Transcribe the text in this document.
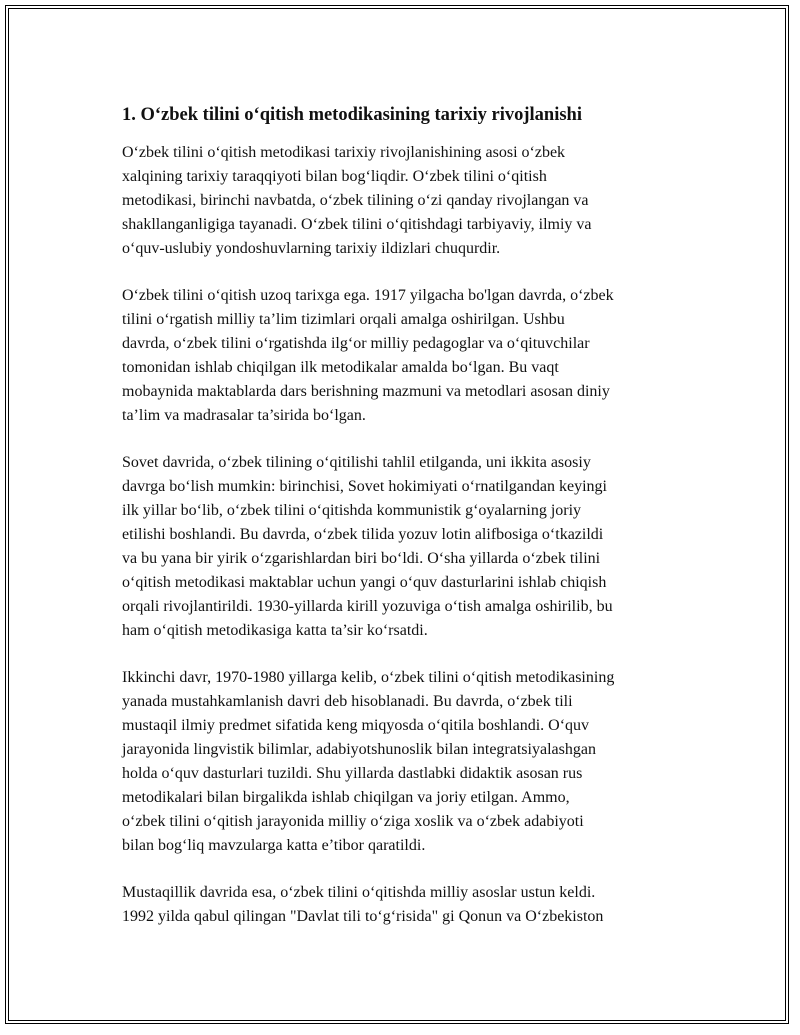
1. O‘zbek tilini o‘qitish metodikasining tarixiy rivojlanishi
O‘zbek tilini o‘qitish metodikasi tarixiy rivojlanishining asosi o‘zbek
xalqining tarixiy taraqqiyoti bilan bog‘liqdir. O‘zbek tilini o‘qitish
metodikasi, birinchi navbatda, o‘zbek tilining o‘zi qanday rivojlangan va
shakllanganligiga tayanadi. O‘zbek tilini o‘qitishdagi tarbiyaviy, ilmiy va
o‘quv-uslubiy yondoshuvlarning tarixiy ildizlari chuqurdir.
O‘zbek tilini o‘qitish uzoq tarixga ega. 1917 yilgacha bo'lgan davrda, o‘zbek
tilini o‘rgatish milliy ta’lim tizimlari orqali amalga oshirilgan. Ushbu
davrda, o‘zbek tilini o‘rgatishda ilg‘or milliy pedagoglar va o‘qituvchilar
tomonidan ishlab chiqilgan ilk metodikalar amalda bo‘lgan. Bu vaqt
mobaynida maktablarda dars berishning mazmuni va metodlari asosan diniy
ta’lim va madrasalar ta’sirida bo‘lgan.
Sovet davrida, o‘zbek tilining o‘qitilishi tahlil etilganda, uni ikkita asosiy
davrga bo‘lish mumkin: birinchisi, Sovet hokimiyati o‘rnatilgandan keyingi
ilk yillar bo‘lib, o‘zbek tilini o‘qitishda kommunistik g‘oyalarning joriy
etilishi boshlandi. Bu davrda, o‘zbek tilida yozuv lotin alifbosiga o‘tkazildi
va bu yana bir yirik o‘zgarishlardan biri bo‘ldi. O‘sha yillarda o‘zbek tilini
o‘qitish metodikasi maktablar uchun yangi o‘quv dasturlarini ishlab chiqish
orqali rivojlantirildi. 1930-yillarda kirill yozuviga o‘tish amalga oshirilib, bu
ham o‘qitish metodikasiga katta ta’sir ko‘rsatdi.
Ikkinchi davr, 1970-1980 yillarga kelib, o‘zbek tilini o‘qitish metodikasining
yanada mustahkamlanish davri deb hisoblanadi. Bu davrda, o‘zbek tili
mustaqil ilmiy predmet sifatida keng miqyosda o‘qitila boshlandi. O‘quv
jarayonida lingvistik bilimlar, adabiyotshunoslik bilan integratsiyalashgan
holda o‘quv dasturlari tuzildi. Shu yillarda dastlabki didaktik asosan rus
metodikalari bilan birgalikda ishlab chiqilgan va joriy etilgan. Ammo,
o‘zbek tilini o‘qitish jarayonida milliy o‘ziga xoslik va o‘zbek adabiyoti
bilan bog‘liq mavzularga katta e’tibor qaratildi.
Mustaqillik davrida esa, o‘zbek tilini o‘qitishda milliy asoslar ustun keldi.
1992 yilda qabul qilingan "Davlat tili to‘g‘risida" gi Qonun va O‘zbekiston
